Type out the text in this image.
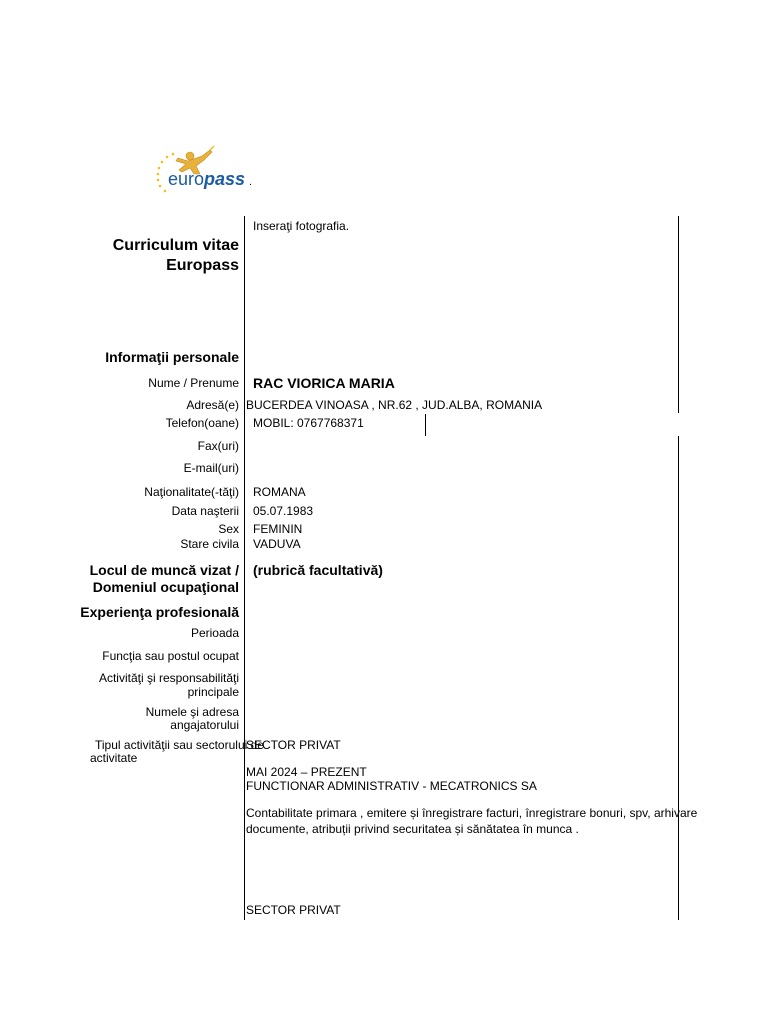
europass .
Inseraţi fotografia.
Curriculum vitae
Europass
Informaţii personale
Nume / Prenume RAC VIORICA MARIA
Adresă(e) BUCERDEA VINOASA , NR.62 , JUD.ALBA, ROMANIA
Telefon(oane) MOBIL: 0767768371
Fax(uri)
E-mail(uri)
Naţionalitate(-tăţi) ROMANA
Data naşterii 05.07.1983
Sex FEMININ
Stare civila VADUVA
Locul de muncă vizat /
Domeniul ocupaţional
(rubrică facultativă)
Experienţa profesională
Perioada
Funcţia sau postul ocupat
Activităţi şi responsabilităţi
principale
Numele şi adresa
angajatorului
Tipul activităţii sau sectorului de
activitate
SECTOR PRIVAT
MAI 2024 – PREZENT
FUNCTIONAR ADMINISTRATIV - MECATRONICS SA
Contabilitate primara , emitere și înregistrare facturi, înregistrare bonuri, spv, arhivare
documente, atribuții privind securitatea și sănătatea în munca .
SECTOR PRIVAT
